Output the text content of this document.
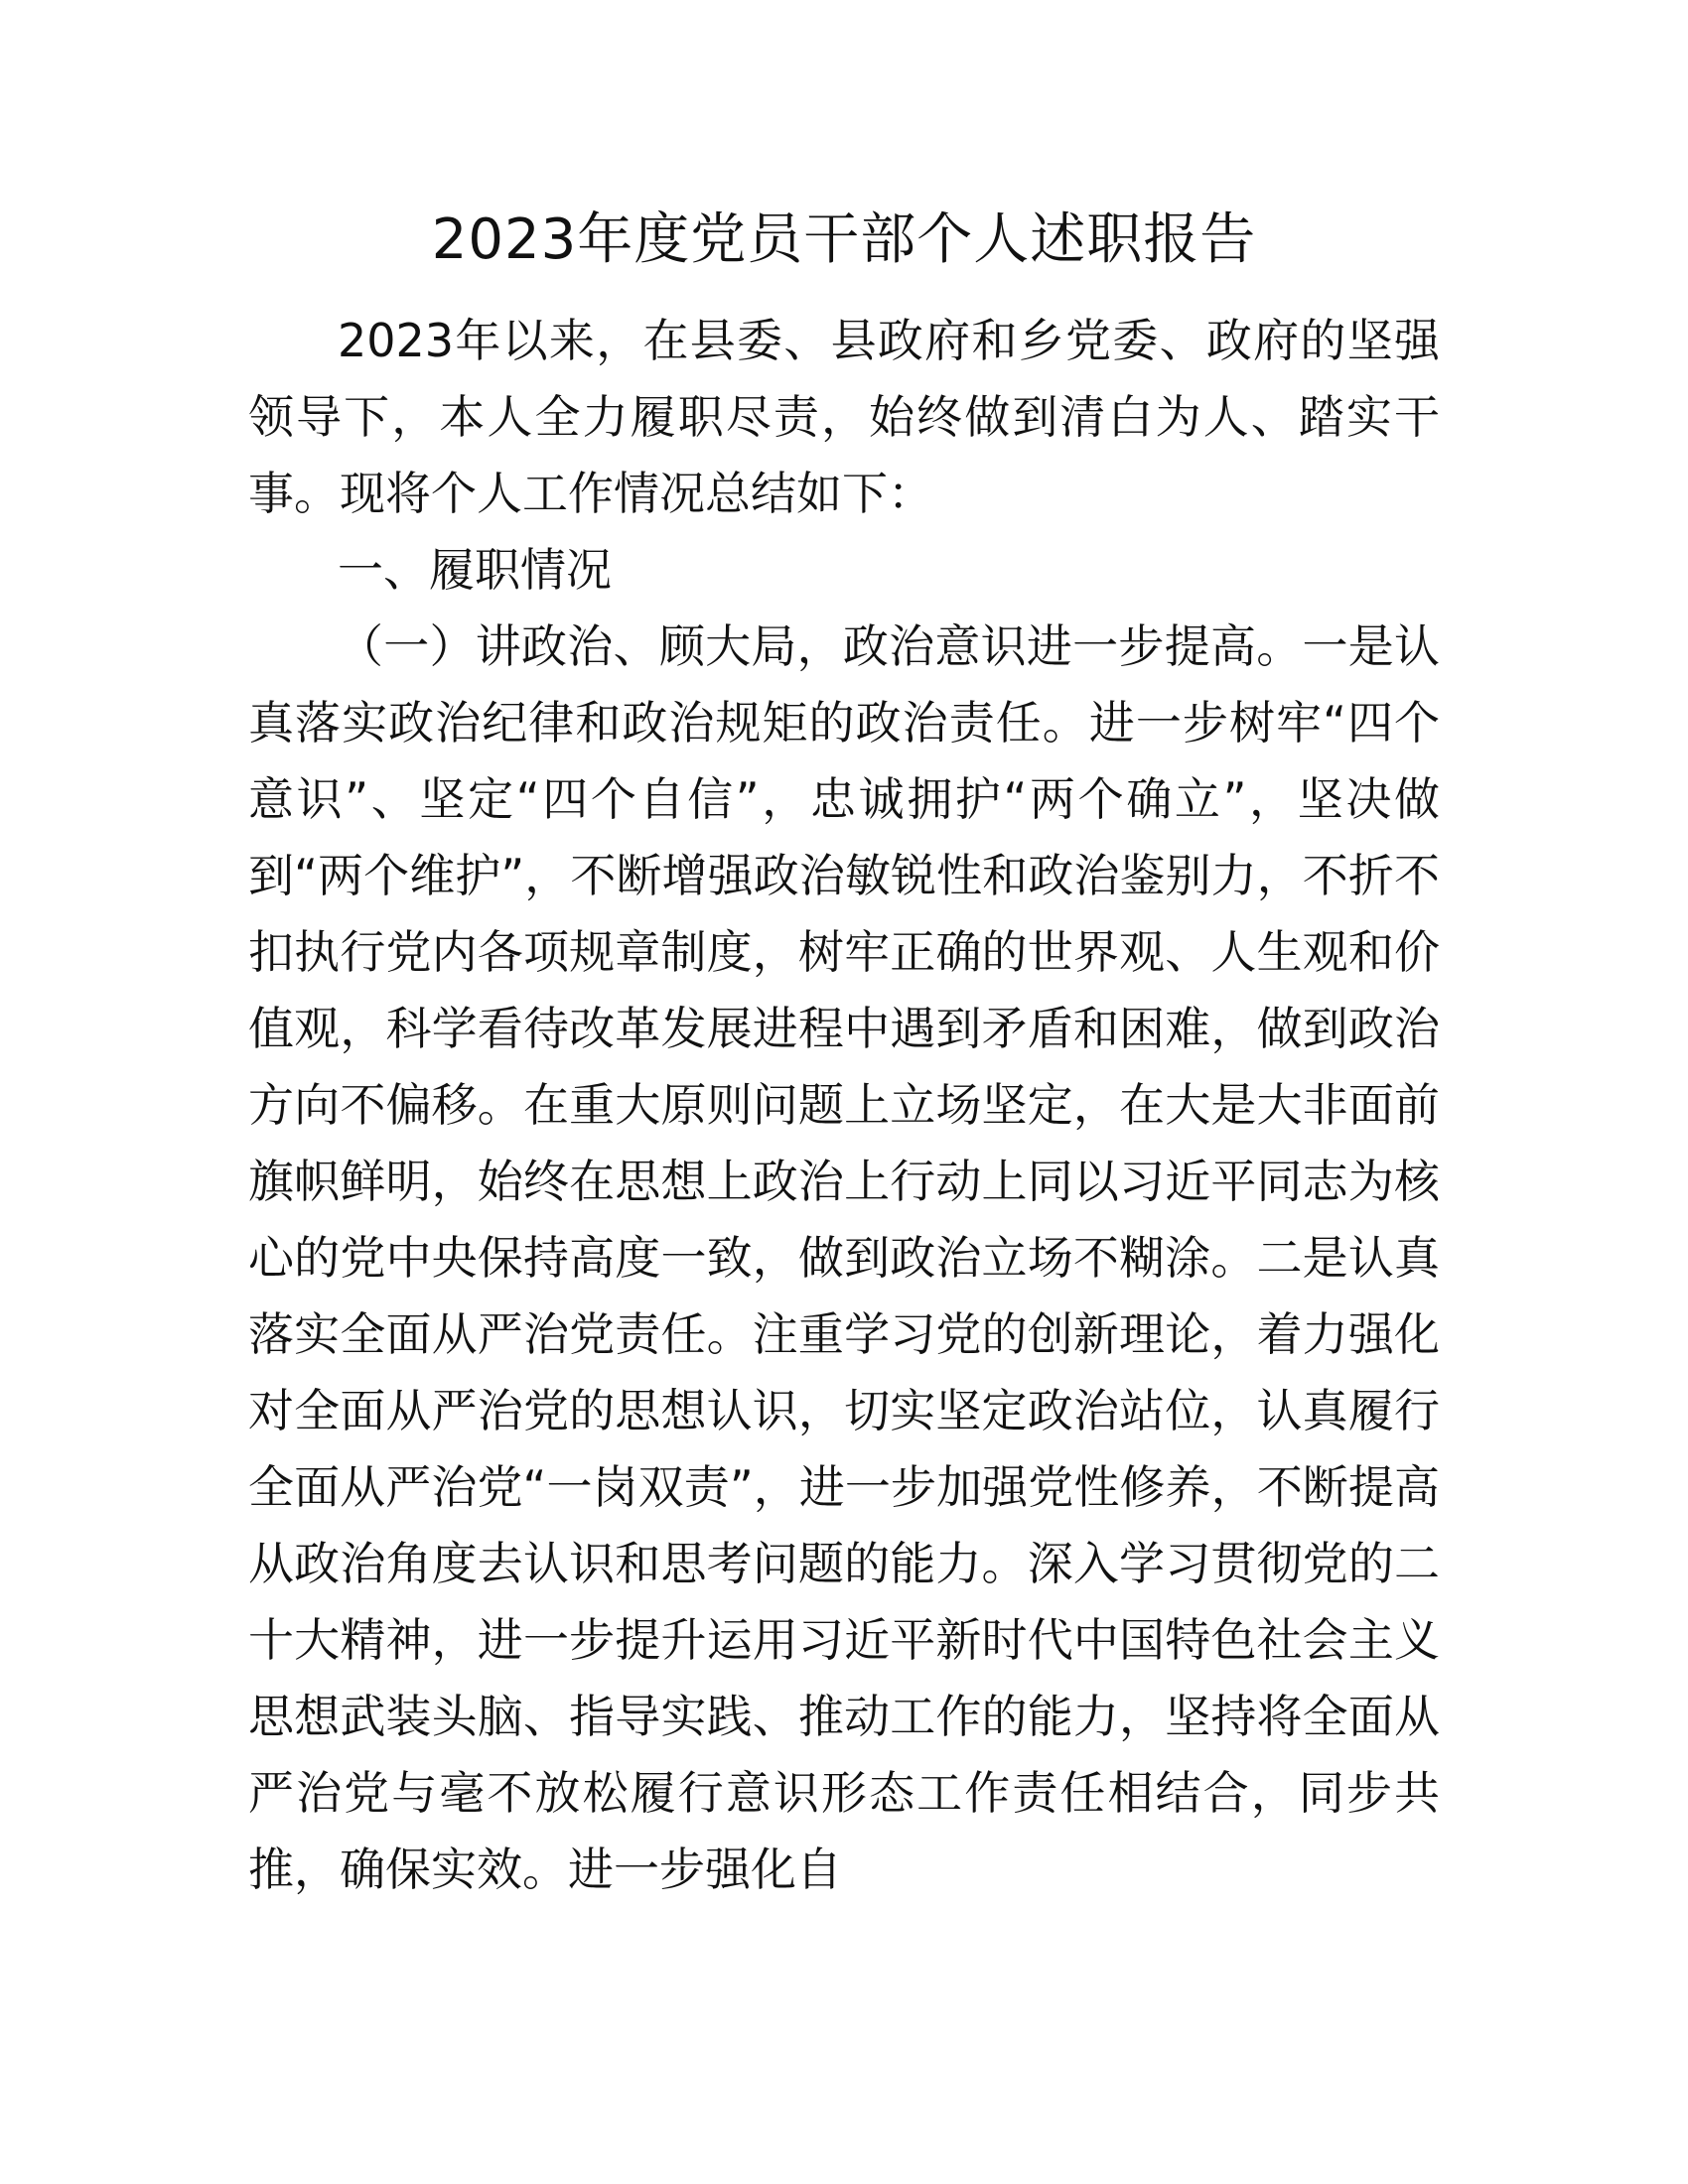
2023年度党员干部个人述职报告

2023年以来，在县委、县政府和乡党委、政府的坚强领导下，本人全力履职尽责，始终做到清白为人、踏实干事。现将个人工作情况总结如下：

一、履职情况

（一）讲政治、顾大局，政治意识进一步提高。一是认真落实政治纪律和政治规矩的政治责任。进一步树牢“四个意识”、坚定“四个自信”，忠诚拥护“两个确立”，坚决做到“两个维护”，不断增强政治敏锐性和政治鉴别力，不折不扣执行党内各项规章制度，树牢正确的世界观、人生观和价值观，科学看待改革发展进程中遇到矛盾和困难，做到政治方向不偏移。在重大原则问题上立场坚定，在大是大非面前旗帜鲜明，始终在思想上政治上行动上同以习近平同志为核心的党中央保持高度一致，做到政治立场不糊涂。二是认真落实全面从严治党责任。注重学习党的创新理论，着力强化对全面从严治党的思想认识，切实坚定政治站位，认真履行全面从严治党“一岗双责”，进一步加强党性修养，不断提高从政治角度去认识和思考问题的能力。深入学习贯彻党的二十大精神，进一步提升运用习近平新时代中国特色社会主义思想武装头脑、指导实践、推动工作的能力，坚持将全面从严治党与毫不放松履行意识形态工作责任相结合，同步共推，确保实效。进一步强化自
